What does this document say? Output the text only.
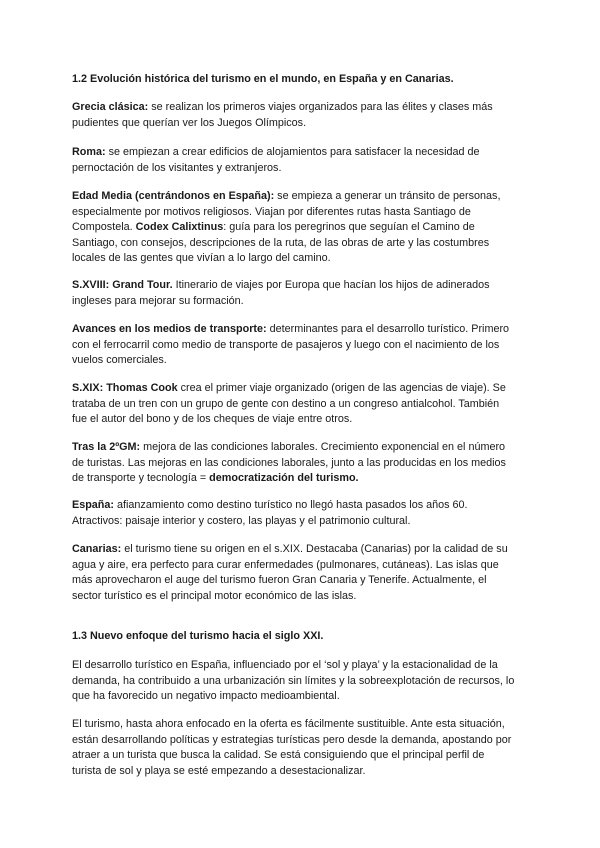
1.2 Evolución histórica del turismo en el mundo, en España y en Canarias.

Grecia clásica: se realizan los primeros viajes organizados para las élites y clases más
pudientes que querían ver los Juegos Olímpicos.

Roma: se empiezan a crear edificios de alojamientos para satisfacer la necesidad de
pernoctación de los visitantes y extranjeros.

Edad Media (centrándonos en España): se empieza a generar un tránsito de personas,
especialmente por motivos religiosos. Viajan por diferentes rutas hasta Santiago de
Compostela. Codex Calixtinus: guía para los peregrinos que seguían el Camino de
Santiago, con consejos, descripciones de la ruta, de las obras de arte y las costumbres
locales de las gentes que vivían a lo largo del camino.

S.XVIII: Grand Tour. Itinerario de viajes por Europa que hacían los hijos de adinerados
ingleses para mejorar su formación.

Avances en los medios de transporte: determinantes para el desarrollo turístico. Primero
con el ferrocarril como medio de transporte de pasajeros y luego con el nacimiento de los
vuelos comerciales.

S.XIX: Thomas Cook crea el primer viaje organizado (origen de las agencias de viaje). Se
trataba de un tren con un grupo de gente con destino a un congreso antialcohol. También
fue el autor del bono y de los cheques de viaje entre otros.

Tras la 2ºGM: mejora de las condiciones laborales. Crecimiento exponencial en el número
de turistas. Las mejoras en las condiciones laborales, junto a las producidas en los medios
de transporte y tecnología = democratización del turismo.

España: afianzamiento como destino turístico no llegó hasta pasados los años 60.
Atractivos: paisaje interior y costero, las playas y el patrimonio cultural.

Canarias: el turismo tiene su origen en el s.XIX. Destacaba (Canarias) por la calidad de su
agua y aire, era perfecto para curar enfermedades (pulmonares, cutáneas). Las islas que
más aprovecharon el auge del turismo fueron Gran Canaria y Tenerife. Actualmente, el
sector turístico es el principal motor económico de las islas.

1.3 Nuevo enfoque del turismo hacia el siglo XXI.

El desarrollo turístico en España, influenciado por el ‘sol y playa’ y la estacionalidad de la
demanda, ha contribuido a una urbanización sin límites y la sobreexplotación de recursos, lo
que ha favorecido un negativo impacto medioambiental.

El turismo, hasta ahora enfocado en la oferta es fácilmente sustituible. Ante esta situación,
están desarrollando políticas y estrategias turísticas pero desde la demanda, apostando por
atraer a un turista que busca la calidad. Se está consiguiendo que el principal perfil de
turista de sol y playa se esté empezando a desestacionalizar.
